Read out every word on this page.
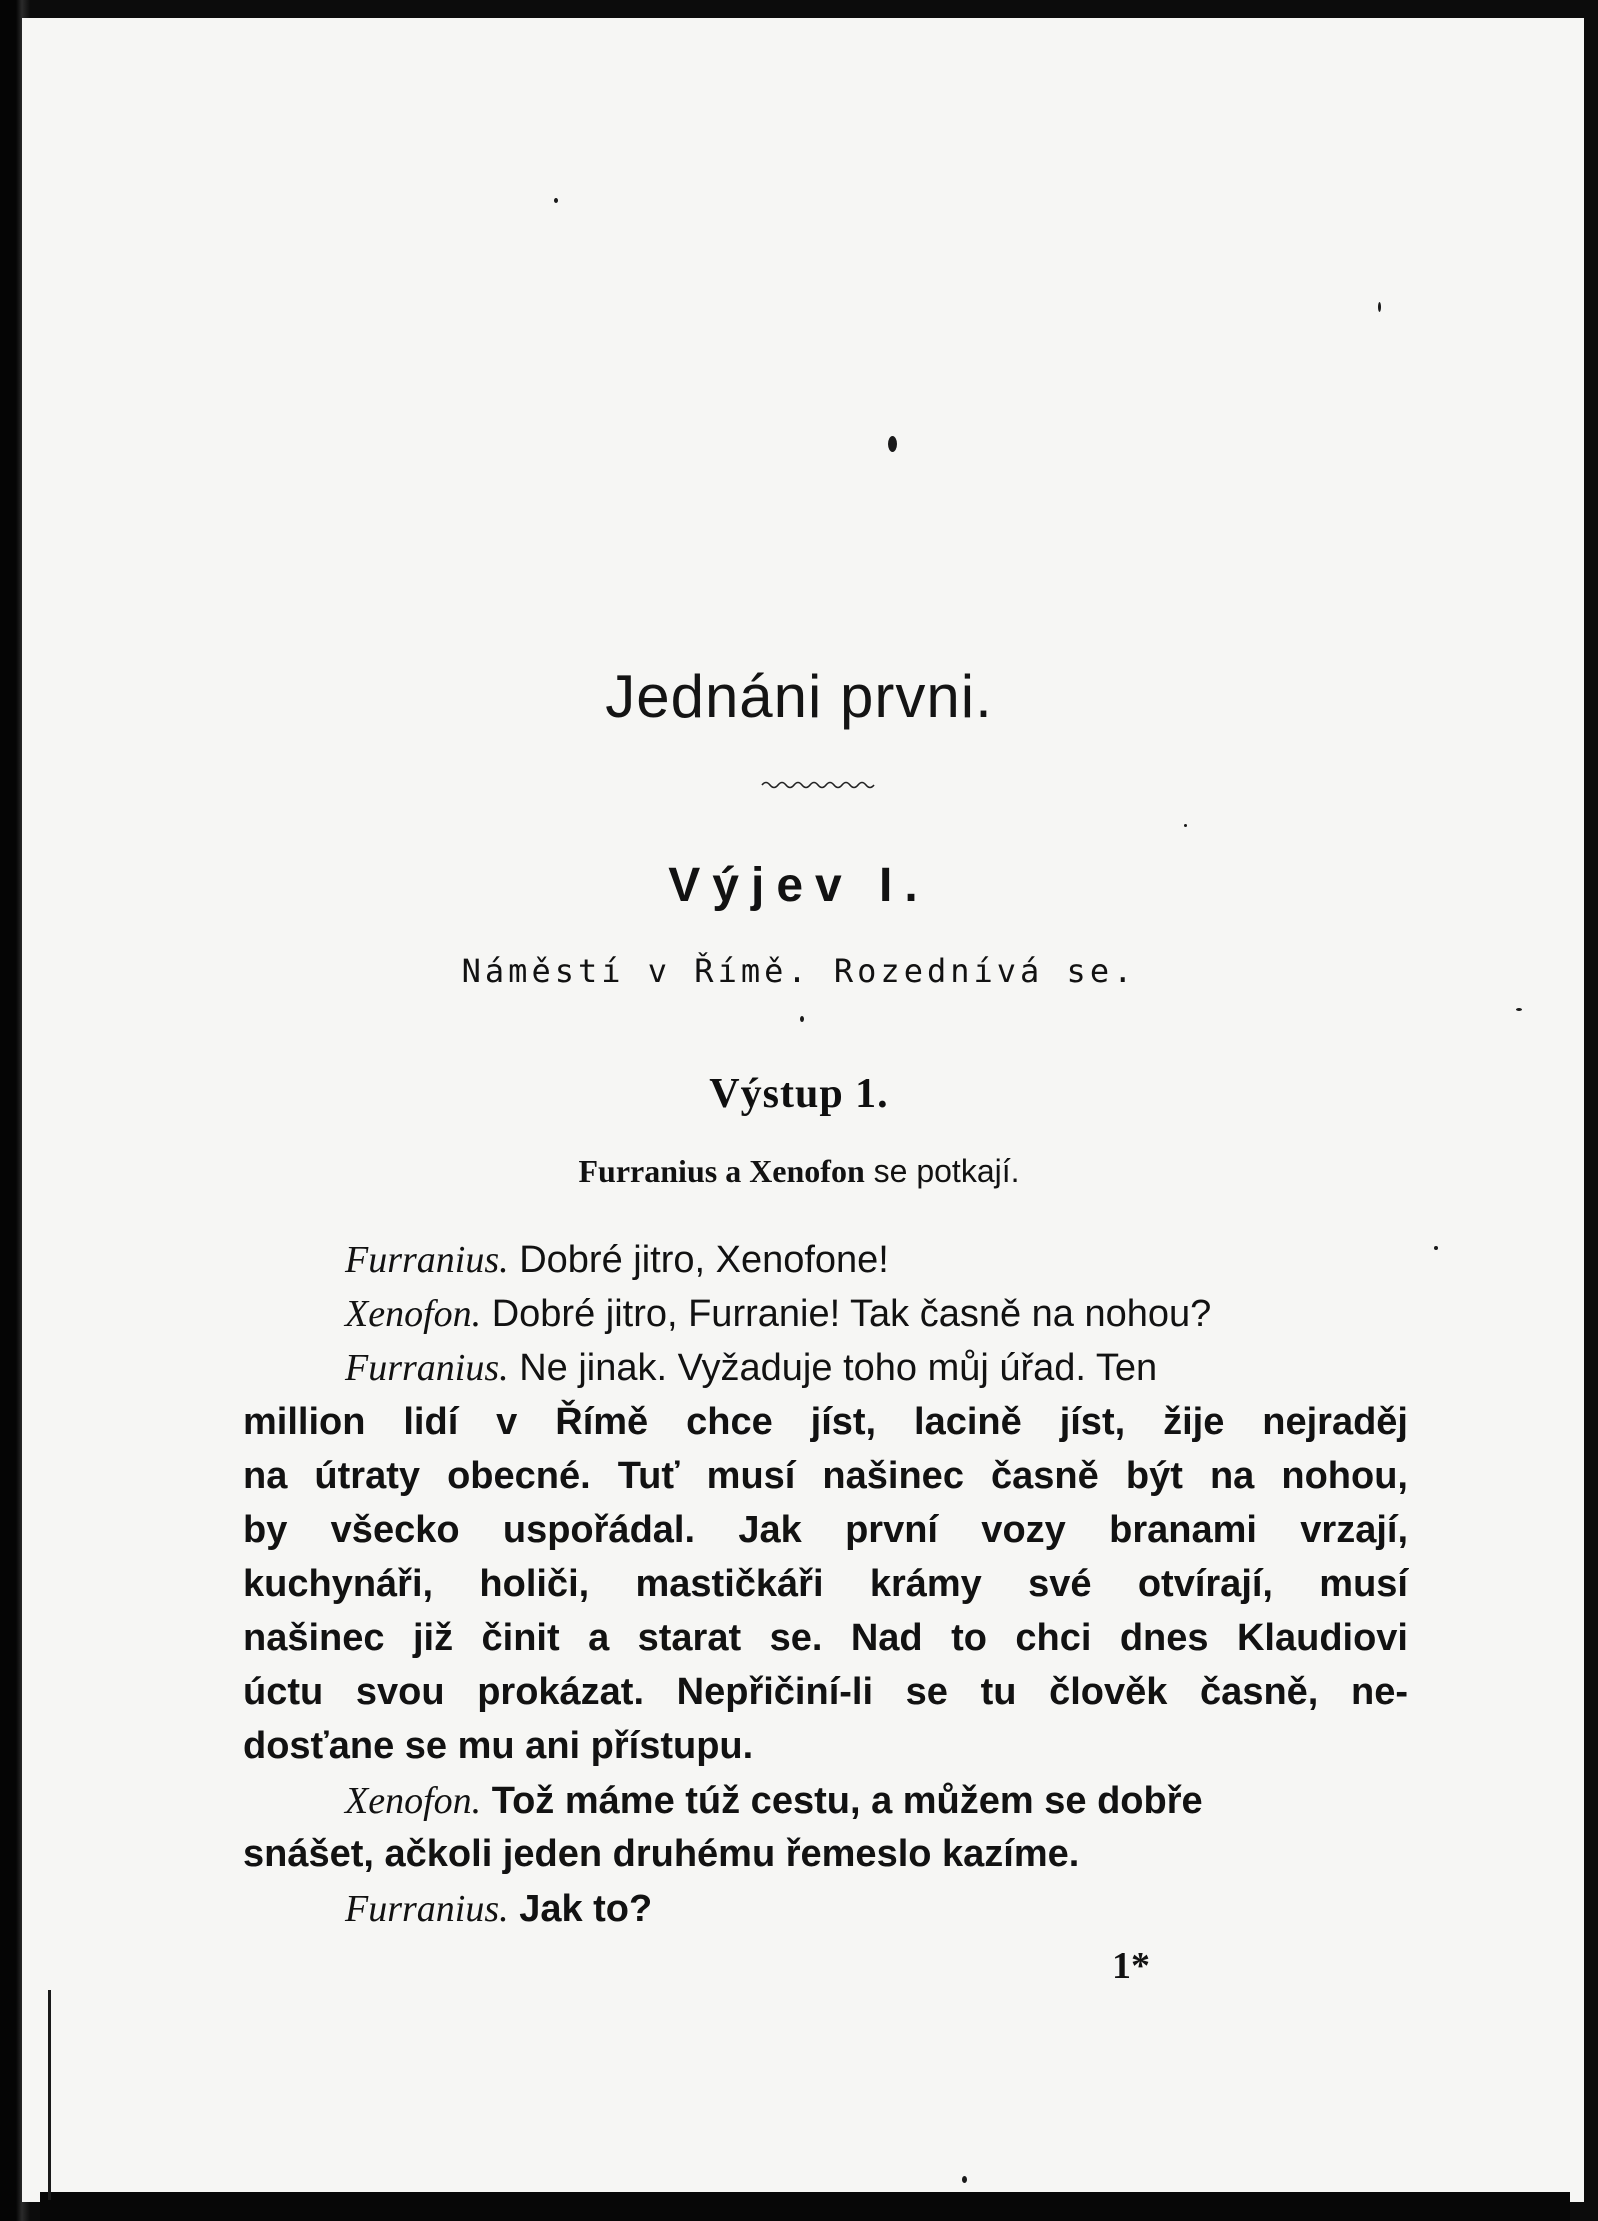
Jednáni prvni.
Výjev I.
Náměstí v Římě. Rozednívá se.
Výstup 1.
Furranius a Xenofon se potkají.
Furranius. Dobré jitro, Xenofone!
Xenofon. Dobré jitro, Furranie! Tak časně na nohou?
Furranius. Ne jinak. Vyžaduje toho můj úřad. Ten
million lidí v Římě chce jíst, lacině jíst, žije nejraděj
na útraty obecné. Tuť musí našinec časně být na nohou,
by všecko uspořádal. Jak první vozy branami vrzají,
kuchynáři, holiči, mastičkáři krámy své otvírají, musí
našinec již činit a starat se. Nad to chci dnes Klaudiovi
úctu svou prokázat. Nepřičiní-li se tu člověk časně, ne-
dosťane se mu ani přístupu.
Xenofon. Tož máme túž cestu, a můžem se dobře
snášet, ačkoli jeden druhému řemeslo kazíme.
Furranius. Jak to?
1*
